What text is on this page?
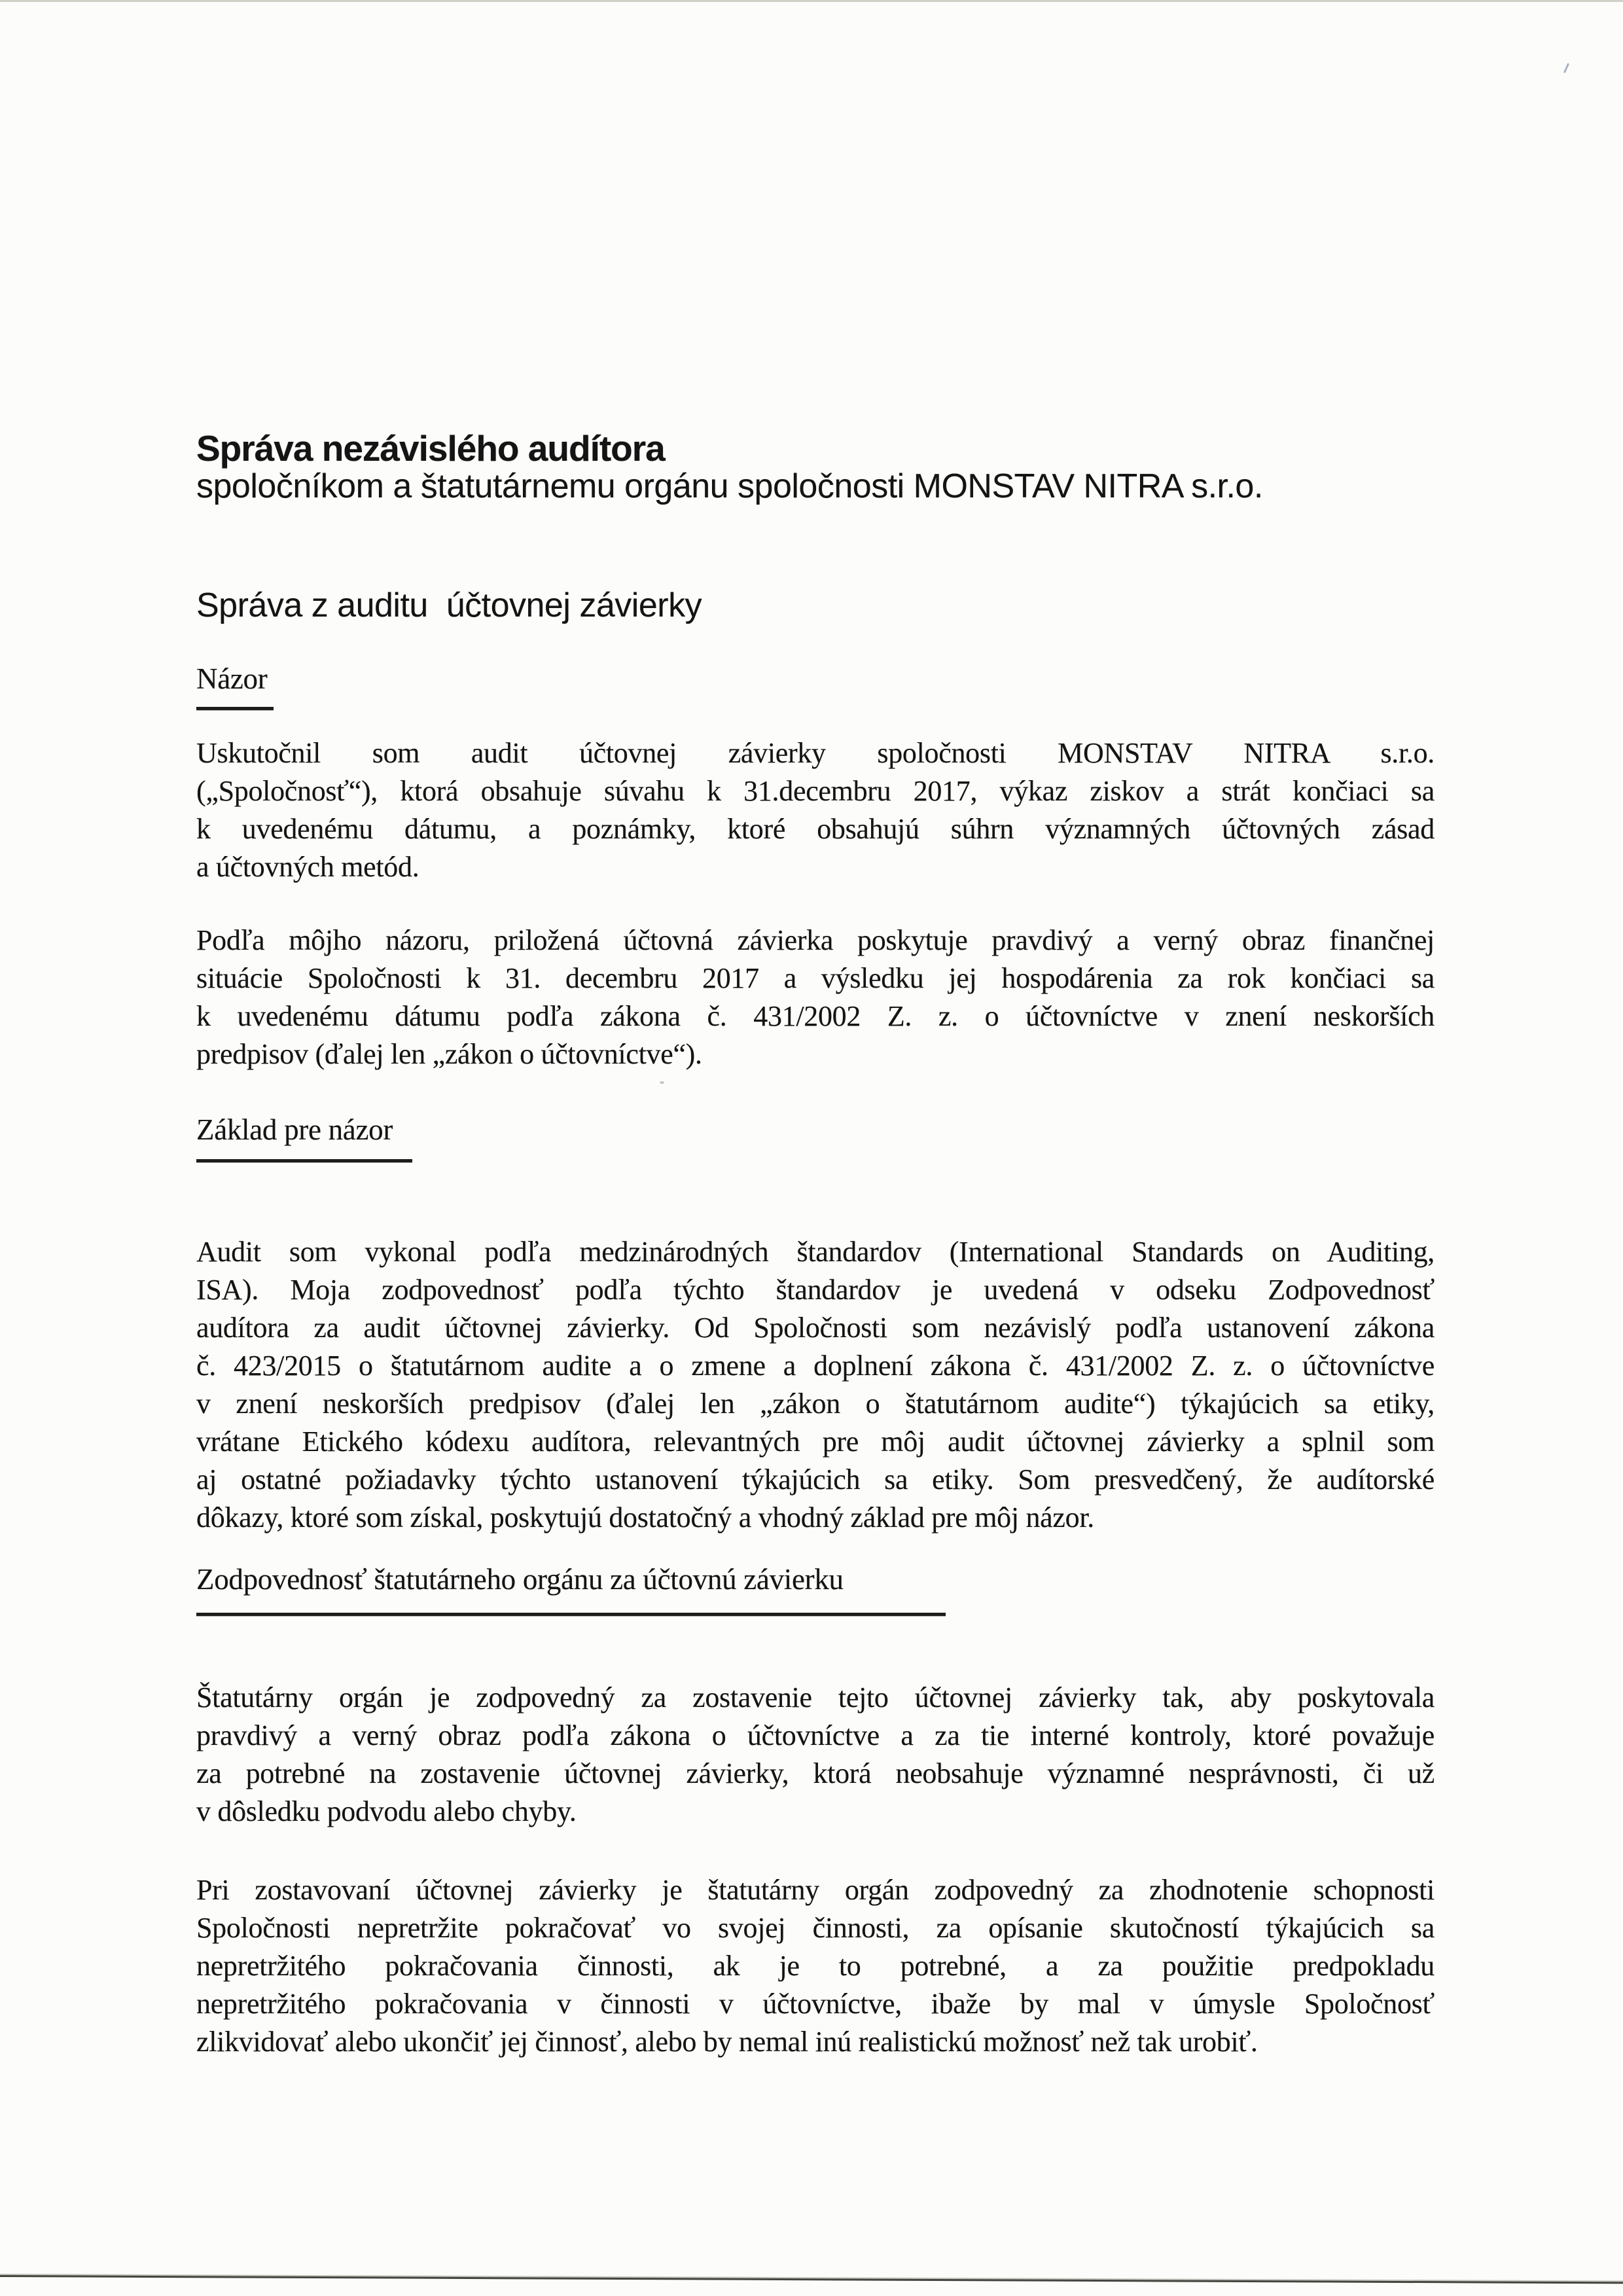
Správa nezávislého audítora
spoločníkom a štatutárnemu orgánu spoločnosti MONSTAV NITRA s.r.o.
Správa z auditu  účtovnej závierky
Názor
Uskutočnil som audit účtovnej závierky spoločnosti MONSTAV NITRA s.r.o.
(„Spoločnosť“), ktorá obsahuje súvahu k 31.decembru 2017, výkaz ziskov a strát končiaci sa
k uvedenému dátumu, a poznámky, ktoré obsahujú súhrn významných účtovných zásad
a účtovných metód.
Podľa môjho názoru, priložená účtovná závierka poskytuje pravdivý a verný obraz finančnej
situácie Spoločnosti k 31. decembru 2017 a výsledku jej hospodárenia za rok končiaci sa
k uvedenému dátumu podľa zákona č. 431/2002 Z. z. o účtovníctve v znení neskorších
predpisov (ďalej len „zákon o účtovníctve“).
Základ pre názor
Audit som vykonal podľa medzinárodných štandardov (International Standards on Auditing,
ISA). Moja zodpovednosť podľa týchto štandardov je uvedená v odseku Zodpovednosť
audítora za audit účtovnej závierky. Od Spoločnosti som nezávislý podľa ustanovení zákona
č. 423/2015 o štatutárnom audite a o zmene a doplnení zákona č. 431/2002 Z. z. o účtovníctve
v znení neskorších predpisov (ďalej len „zákon o štatutárnom audite“) týkajúcich sa etiky,
vrátane Etického kódexu audítora, relevantných pre môj audit účtovnej závierky a splnil som
aj ostatné požiadavky týchto ustanovení týkajúcich sa etiky. Som presvedčený, že audítorské
dôkazy, ktoré som získal, poskytujú dostatočný a vhodný základ pre môj názor.
Zodpovednosť štatutárneho orgánu za účtovnú závierku
Štatutárny orgán je zodpovedný za zostavenie tejto účtovnej závierky tak, aby poskytovala
pravdivý a verný obraz podľa zákona o účtovníctve a za tie interné kontroly, ktoré považuje
za potrebné na zostavenie účtovnej závierky, ktorá neobsahuje významné nesprávnosti, či už
v dôsledku podvodu alebo chyby.
Pri zostavovaní účtovnej závierky je štatutárny orgán zodpovedný za zhodnotenie schopnosti
Spoločnosti nepretržite pokračovať vo svojej činnosti, za opísanie skutočností týkajúcich sa
nepretržitého pokračovania činnosti, ak je to potrebné, a za použitie predpokladu
nepretržitého pokračovania v činnosti v účtovníctve, ibaže by mal v úmysle Spoločnosť
zlikvidovať alebo ukončiť jej činnosť, alebo by nemal inú realistickú možnosť než tak urobiť.
